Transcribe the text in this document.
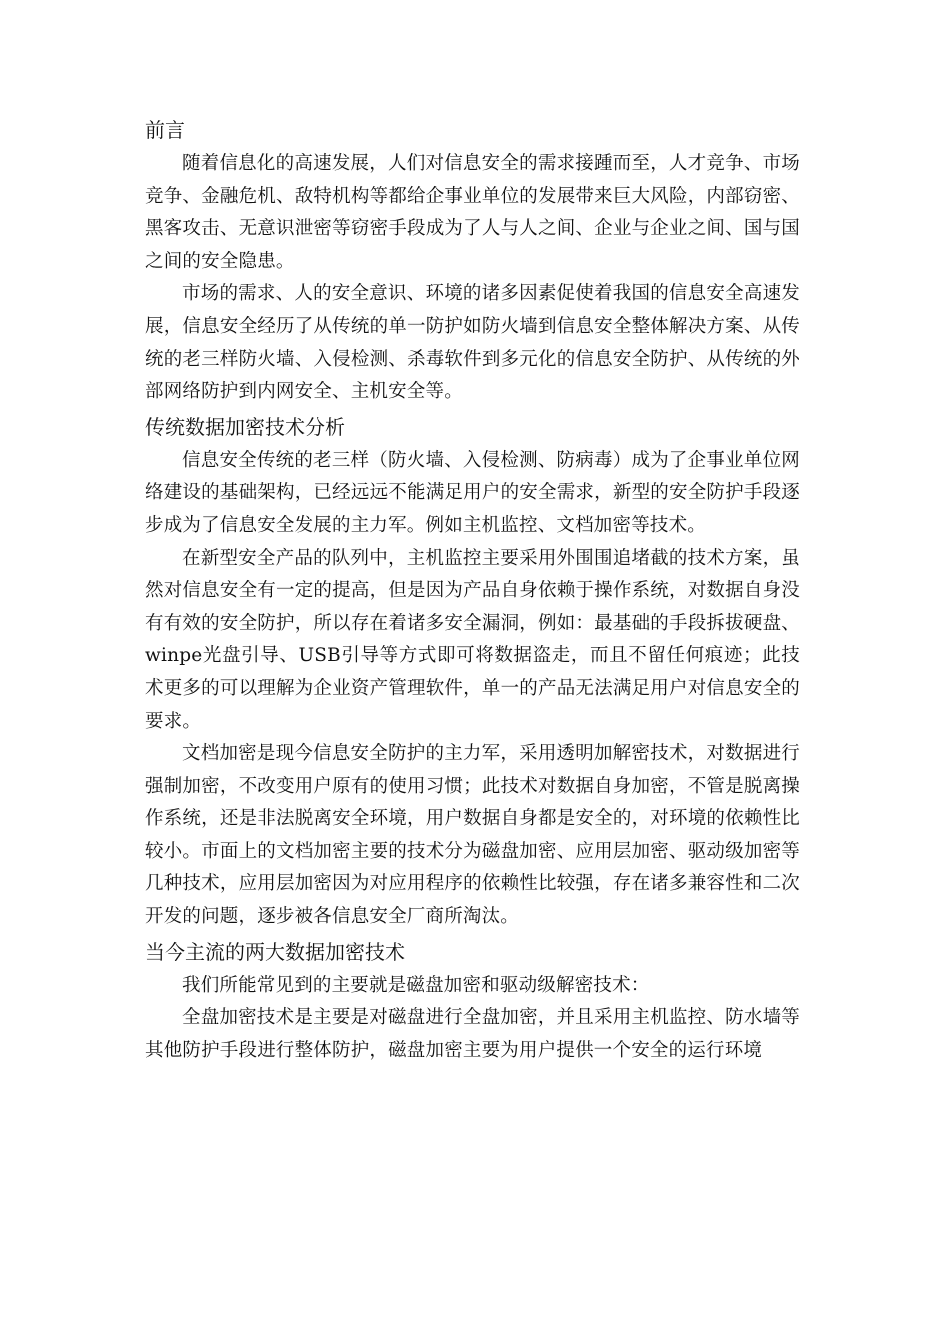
前言

随着信息化的高速发展，人们对信息安全的需求接踵而至，人才竞争、市场竞争、金融危机、敌特机构等都给企事业单位的发展带来巨大风险，内部窃密、黑客攻击、无意识泄密等窃密手段成为了人与人之间、企业与企业之间、国与国之间的安全隐患。

市场的需求、人的安全意识、环境的诸多因素促使着我国的信息安全高速发展，信息安全经历了从传统的单一防护如防火墙到信息安全整体解决方案、从传统的老三样防火墙、入侵检测、杀毒软件到多元化的信息安全防护、从传统的外部网络防护到内网安全、主机安全等。

传统数据加密技术分析

信息安全传统的老三样（防火墙、入侵检测、防病毒）成为了企事业单位网络建设的基础架构，已经远远不能满足用户的安全需求，新型的安全防护手段逐步成为了信息安全发展的主力军。例如主机监控、文档加密等技术。

在新型安全产品的队列中，主机监控主要采用外围围追堵截的技术方案，虽然对信息安全有一定的提高，但是因为产品自身依赖于操作系统，对数据自身没有有效的安全防护，所以存在着诸多安全漏洞，例如：最基础的手段拆拔硬盘、winpe光盘引导、USB引导等方式即可将数据盗走，而且不留任何痕迹；此技术更多的可以理解为企业资产管理软件，单一的产品无法满足用户对信息安全的要求。

文档加密是现今信息安全防护的主力军，采用透明加解密技术，对数据进行强制加密，不改变用户原有的使用习惯；此技术对数据自身加密，不管是脱离操作系统，还是非法脱离安全环境，用户数据自身都是安全的，对环境的依赖性比较小。市面上的文档加密主要的技术分为磁盘加密、应用层加密、驱动级加密等几种技术，应用层加密因为对应用程序的依赖性比较强，存在诸多兼容性和二次开发的问题，逐步被各信息安全厂商所淘汰。

当今主流的两大数据加密技术

我们所能常见到的主要就是磁盘加密和驱动级解密技术：

全盘加密技术是主要是对磁盘进行全盘加密，并且采用主机监控、防水墙等其他防护手段进行整体防护，磁盘加密主要为用户提供一个安全的运行环境
